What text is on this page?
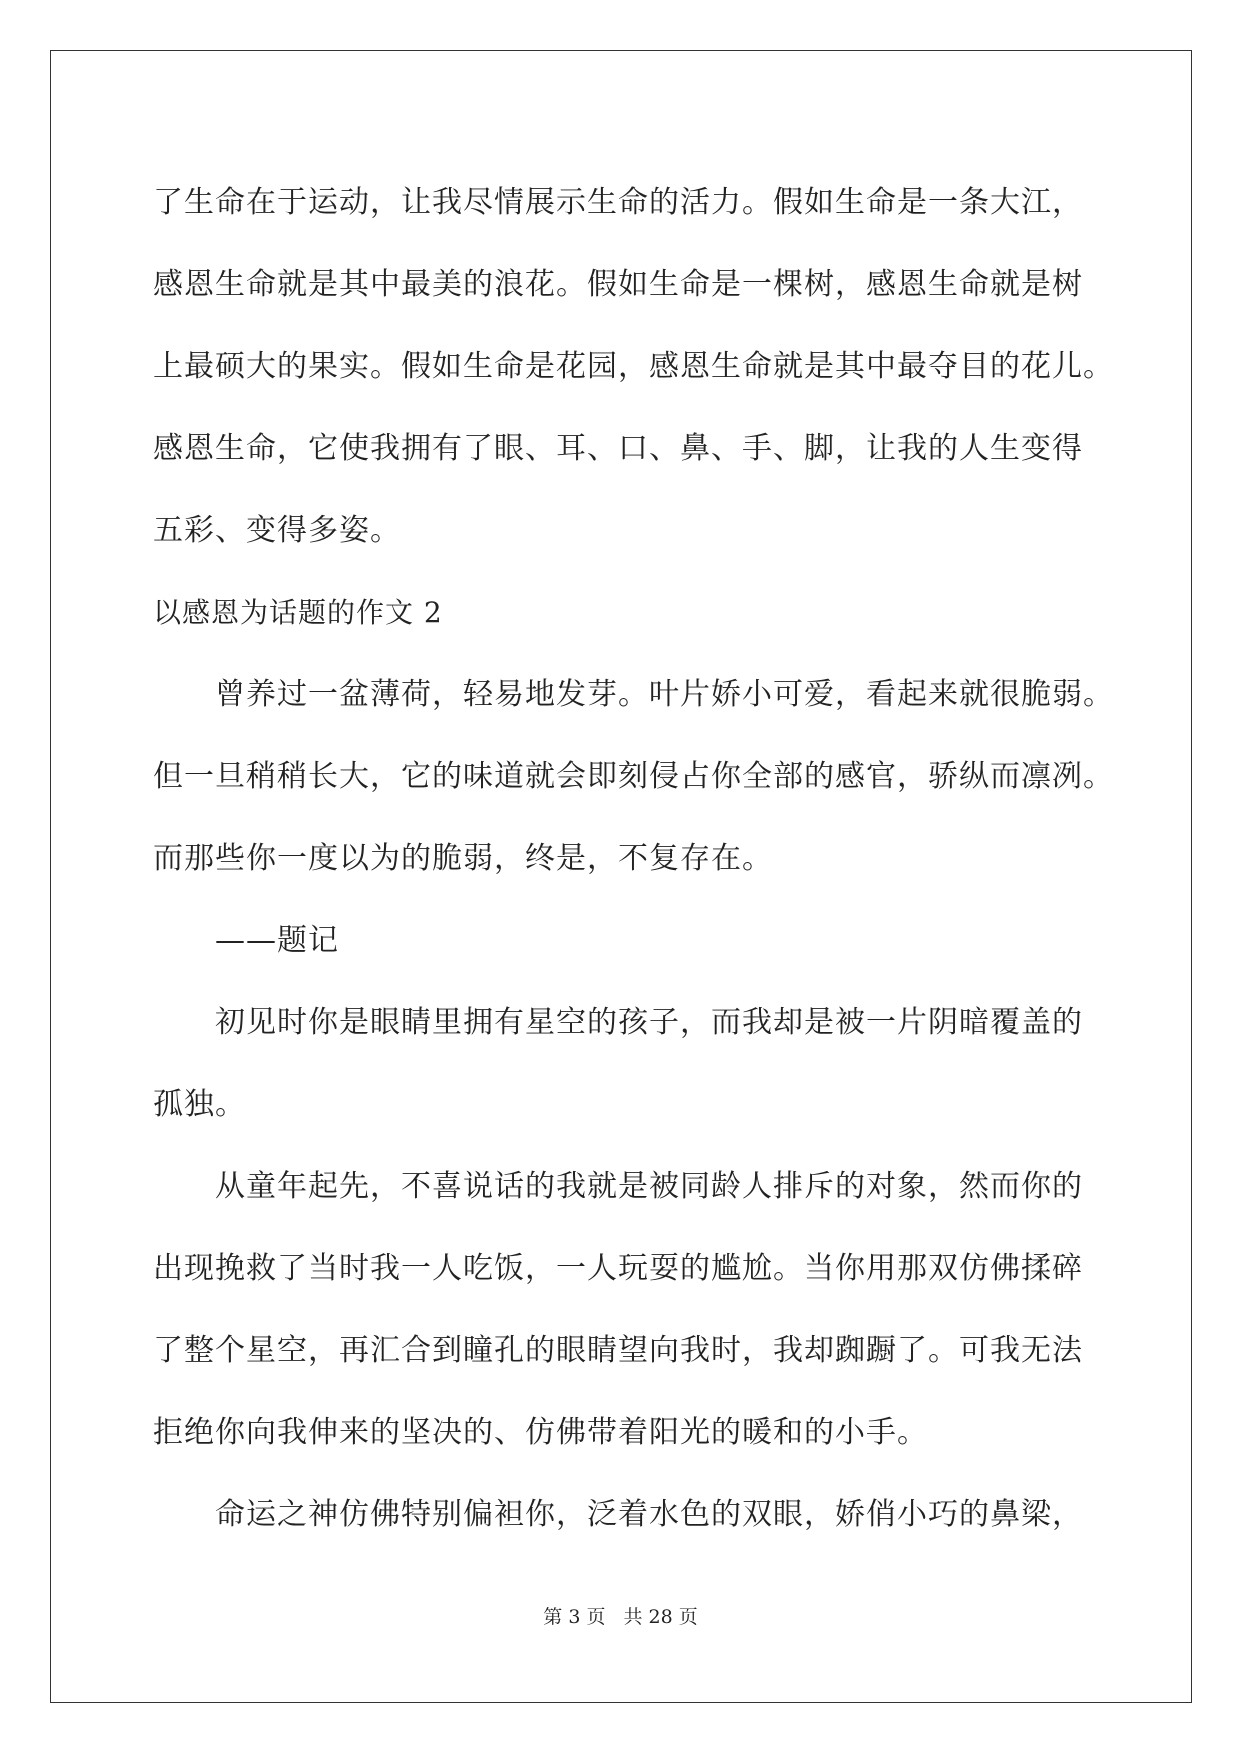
了生命在于运动，让我尽情展示生命的活力。假如生命是一条大江，
感恩生命就是其中最美的浪花。假如生命是一棵树，感恩生命就是树
上最硕大的果实。假如生命是花园，感恩生命就是其中最夺目的花儿。
感恩生命，它使我拥有了眼、耳、口、鼻、手、脚，让我的人生变得
五彩、变得多姿。
以感恩为话题的作文 2
曾养过一盆薄荷，轻易地发芽。叶片娇小可爱，看起来就很脆弱。
但一旦稍稍长大，它的味道就会即刻侵占你全部的感官，骄纵而凛冽。
而那些你一度以为的脆弱，终是，不复存在。
——题记
初见时你是眼睛里拥有星空的孩子，而我却是被一片阴暗覆盖的
孤独。
从童年起先，不喜说话的我就是被同龄人排斥的对象，然而你的
出现挽救了当时我一人吃饭，一人玩耍的尴尬。当你用那双仿佛揉碎
了整个星空，再汇合到瞳孔的眼睛望向我时，我却踟蹰了。可我无法
拒绝你向我伸来的坚决的、仿佛带着阳光的暖和的小手。
命运之神仿佛特别偏袒你，泛着水色的双眼，娇俏小巧的鼻梁，
第 3 页 共 28 页
